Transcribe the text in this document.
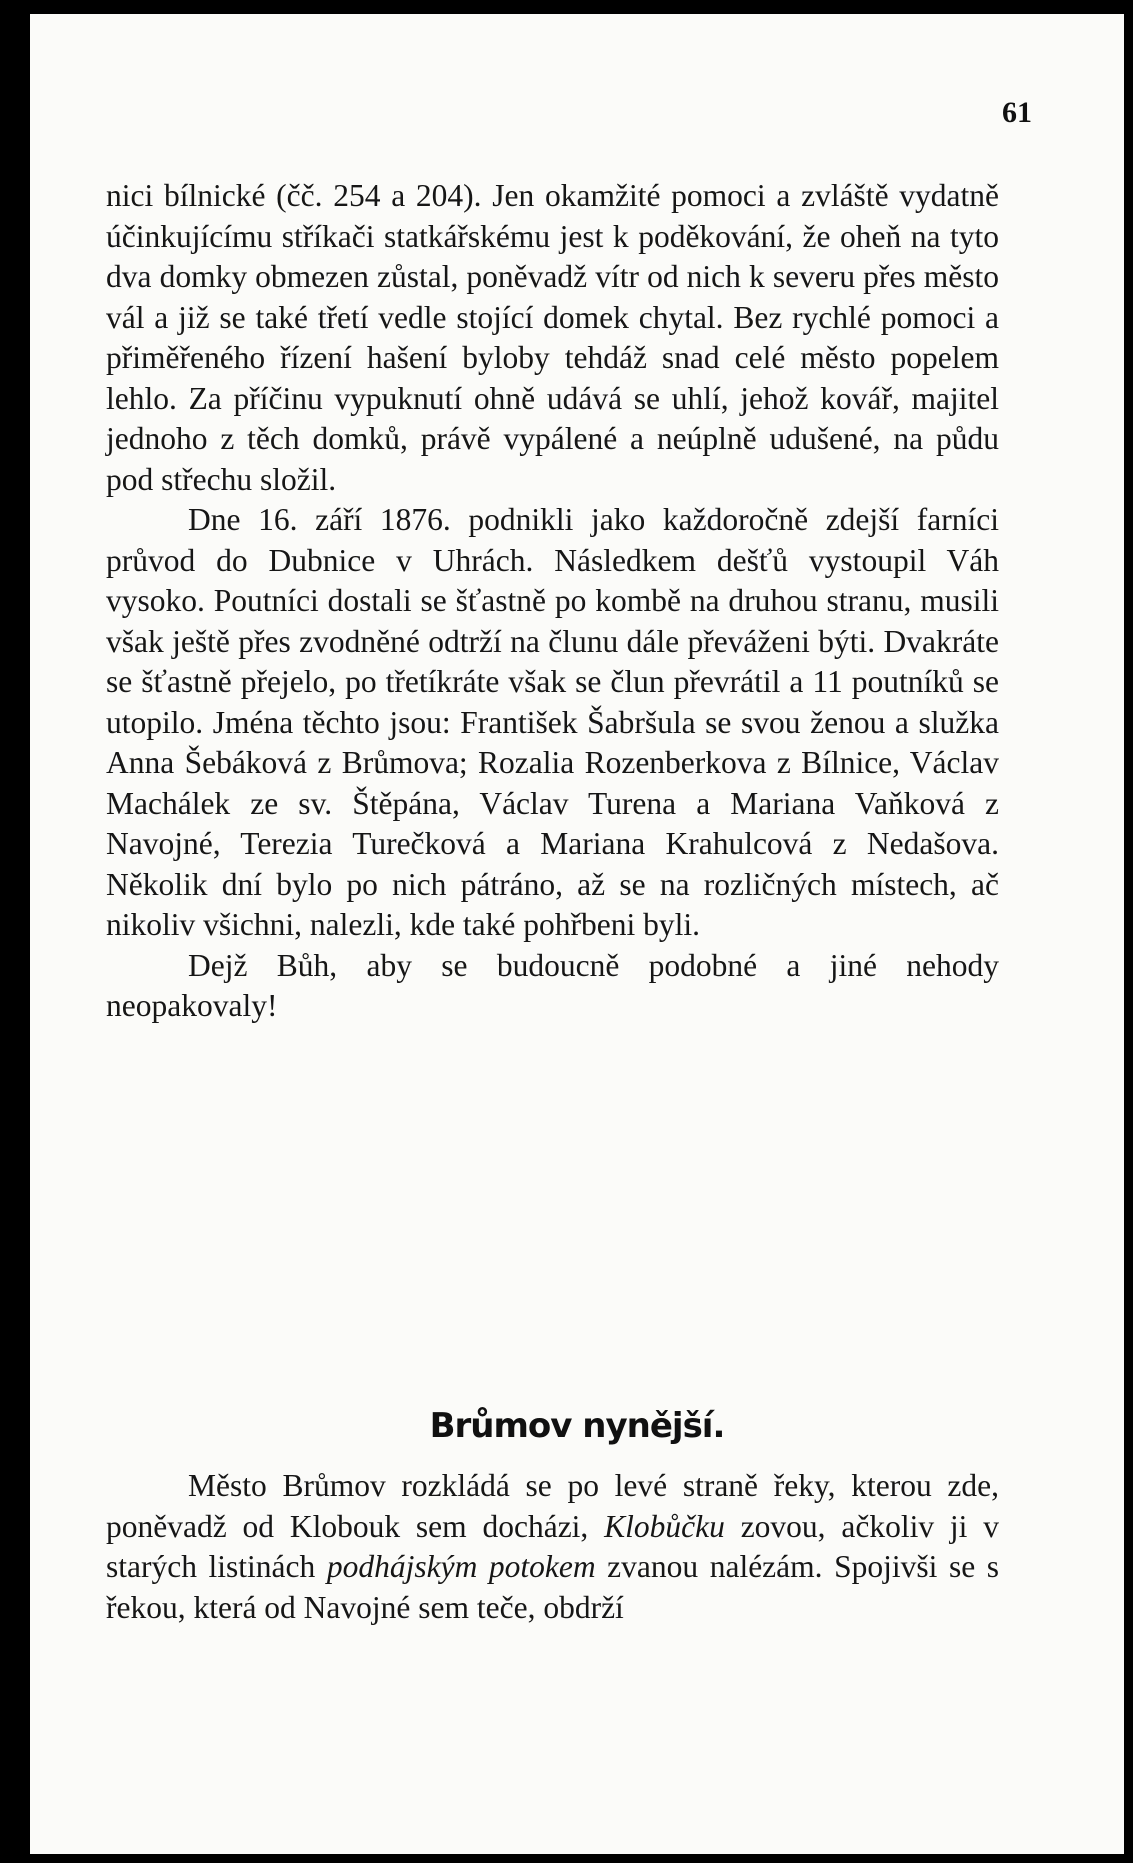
61

nici bílnické (čč. 254 a 204). Jen okamžité pomoci a zvláště vydatně účinkujícímu stříkači statkářskému jest k poděkování, že oheň na tyto dva domky obmezen zůstal, poněvadž vítr od nich k severu přes město vál a již se také třetí vedle stojící domek chytal. Bez rychlé pomoci a přiměřeného řízení hašení byloby tehdáž snad celé město popelem lehlo. Za příčinu vypuknutí ohně udává se uhlí, jehož kovář, majitel jednoho z těch domků, právě vypálené a neúplně udušené, na půdu pod střechu složil.

Dne 16. září 1876. podnikli jako každoročně zdejší farníci průvod do Dubnice v Uhrách. Následkem dešťů vystoupil Váh vysoko. Poutníci dostali se šťastně po kombě na druhou stranu, musili však ještě přes zvodněné odtrží na člunu dále převáženi býti. Dvakráte se šťastně přejelo, po třetíkráte však se člun převrátil a 11 poutníků se utopilo. Jména těchto jsou: František Šabršula se svou ženou a služka Anna Šebáková z Brůmova; Rozalia Rozenberkova z Bílnice, Václav Machálek ze sv. Štěpána, Václav Turena a Mariana Vaňková z Navojné, Terezia Turečková a Mariana Krahulcová z Nedašova. Několik dní bylo po nich pátráno, až se na rozličných místech, ač nikoliv všichni, nalezli, kde také pohřbeni byli.

Dejž Bůh, aby se budoucně podobné a jiné nehody neopakovaly!

Brůmov nynější.

Město Brůmov rozkládá se po levé straně řeky, kterou zde, poněvadž od Klobouk sem docházi, Klobůčku zovou, ačkoliv ji v starých listinách podhájským potokem zvanou nalézám. Spojivši se s řekou, která od Navojné sem teče, obdrží
